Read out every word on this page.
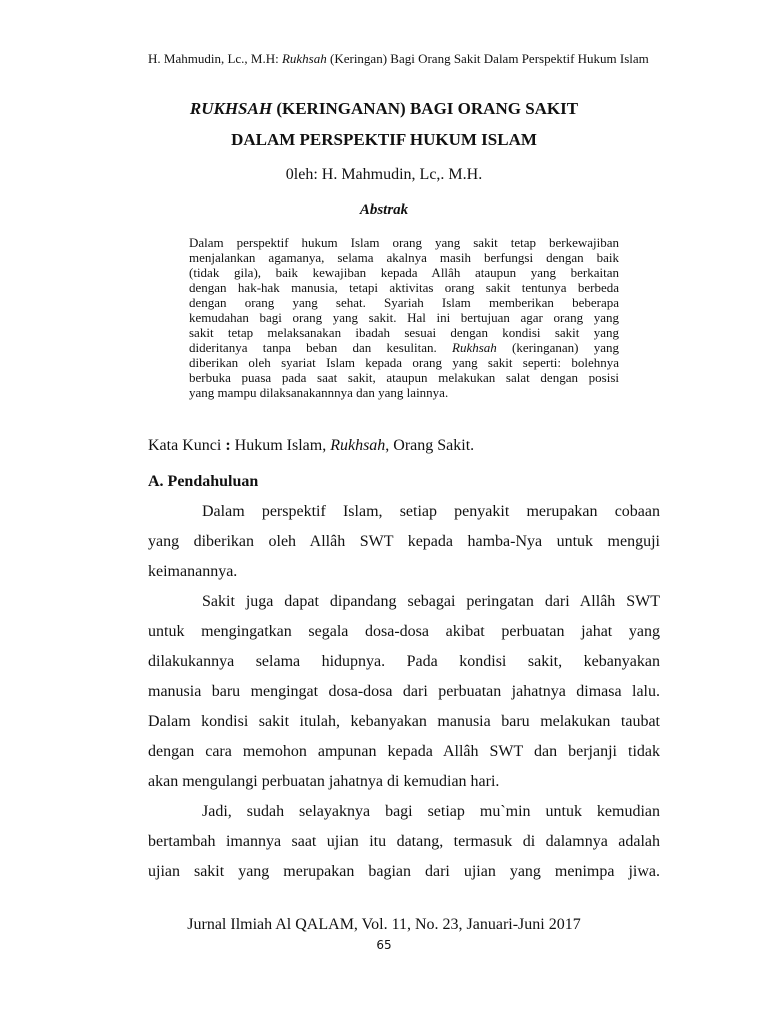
H. Mahmudin, Lc., M.H: Rukhsah (Keringan) Bagi Orang Sakit Dalam Perspektif Hukum Islam
RUKHSAH (KERINGANAN) BAGI ORANG SAKIT
DALAM PERSPEKTIF HUKUM ISLAM
0leh: H. Mahmudin, Lc,. M.H.
Abstrak
Dalam perspektif hukum Islam orang yang sakit tetap berkewajiban
menjalankan agamanya, selama akalnya masih berfungsi dengan baik
(tidak gila), baik kewajiban kepada Allâh ataupun yang berkaitan
dengan hak-hak manusia, tetapi aktivitas orang sakit tentunya berbeda
dengan orang yang sehat. Syariah Islam memberikan beberapa
kemudahan bagi orang yang sakit. Hal ini bertujuan agar orang yang
sakit tetap melaksanakan ibadah sesuai dengan kondisi sakit yang
dideritanya tanpa beban dan kesulitan. Rukhsah (keringanan) yang
diberikan oleh syariat Islam kepada orang yang sakit seperti: bolehnya
berbuka puasa pada saat sakit, ataupun melakukan salat dengan posisi
yang mampu dilaksanakannnya dan yang lainnya.
Kata Kunci : Hukum Islam, Rukhsah, Orang Sakit.
A. Pendahuluan
Dalam perspektif Islam, setiap penyakit merupakan cobaan
yang diberikan oleh Allâh SWT kepada hamba-Nya untuk menguji
keimanannya.
Sakit juga dapat dipandang sebagai peringatan dari Allâh SWT
untuk mengingatkan segala dosa-dosa akibat perbuatan jahat yang
dilakukannya selama hidupnya. Pada kondisi sakit, kebanyakan
manusia baru mengingat dosa-dosa dari perbuatan jahatnya dimasa lalu.
Dalam kondisi sakit itulah, kebanyakan manusia baru melakukan taubat
dengan cara memohon ampunan kepada Allâh SWT dan berjanji tidak
akan mengulangi perbuatan jahatnya di kemudian hari.
Jadi, sudah selayaknya bagi setiap mu`min untuk kemudian
bertambah imannya saat ujian itu datang, termasuk di dalamnya adalah
ujian sakit yang merupakan bagian dari ujian yang menimpa jiwa.
Jurnal Ilmiah Al QALAM, Vol. 11, No. 23, Januari-Juni 2017
65
